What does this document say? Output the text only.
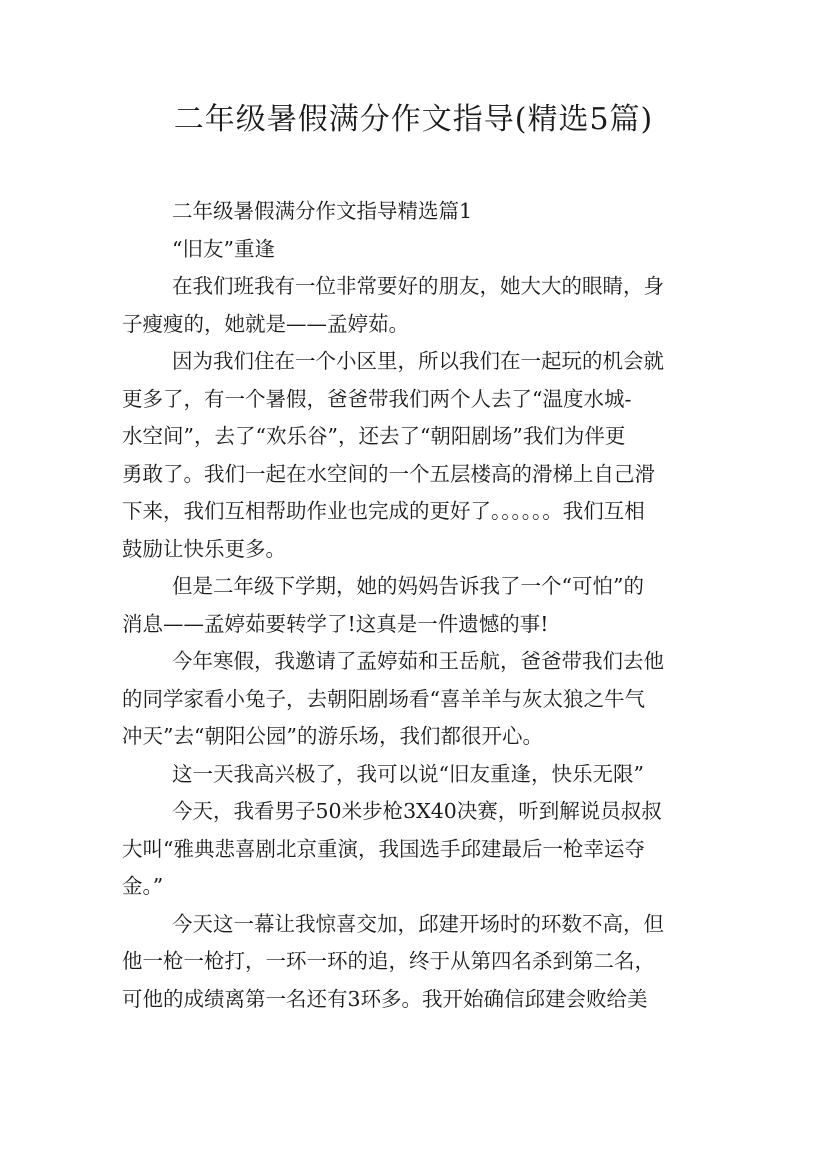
二年级暑假满分作文指导(精选5篇)
二年级暑假满分作文指导精选篇1
“旧友”重逢
在我们班我有一位非常要好的朋友，她大大的眼睛，身
子瘦瘦的，她就是——孟婷茹。
因为我们住在一个小区里，所以我们在一起玩的机会就
更多了，有一个暑假，爸爸带我们两个人去了“温度水城-
水空间”，去了“欢乐谷”，还去了“朝阳剧场”我们为伴更
勇敢了。我们一起在水空间的一个五层楼高的滑梯上自己滑
下来，我们互相帮助作业也完成的更好了。。。。。。我们互相
鼓励让快乐更多。
但是二年级下学期，她的妈妈告诉我了一个“可怕”的
消息——孟婷茹要转学了!这真是一件遗憾的事!
今年寒假，我邀请了孟婷茹和王岳航，爸爸带我们去他
的同学家看小兔子，去朝阳剧场看“喜羊羊与灰太狼之牛气
冲天”去“朝阳公园”的游乐场，我们都很开心。
这一天我高兴极了，我可以说“旧友重逢，快乐无限”
今天，我看男子50米步枪3X40决赛，听到解说员叔叔
大叫“雅典悲喜剧北京重演，我国选手邱建最后一枪幸运夺
金。”
今天这一幕让我惊喜交加，邱建开场时的环数不高，但
他一枪一枪打，一环一环的追，终于从第四名杀到第二名，
可他的成绩离第一名还有3环多。我开始确信邱建会败给美
